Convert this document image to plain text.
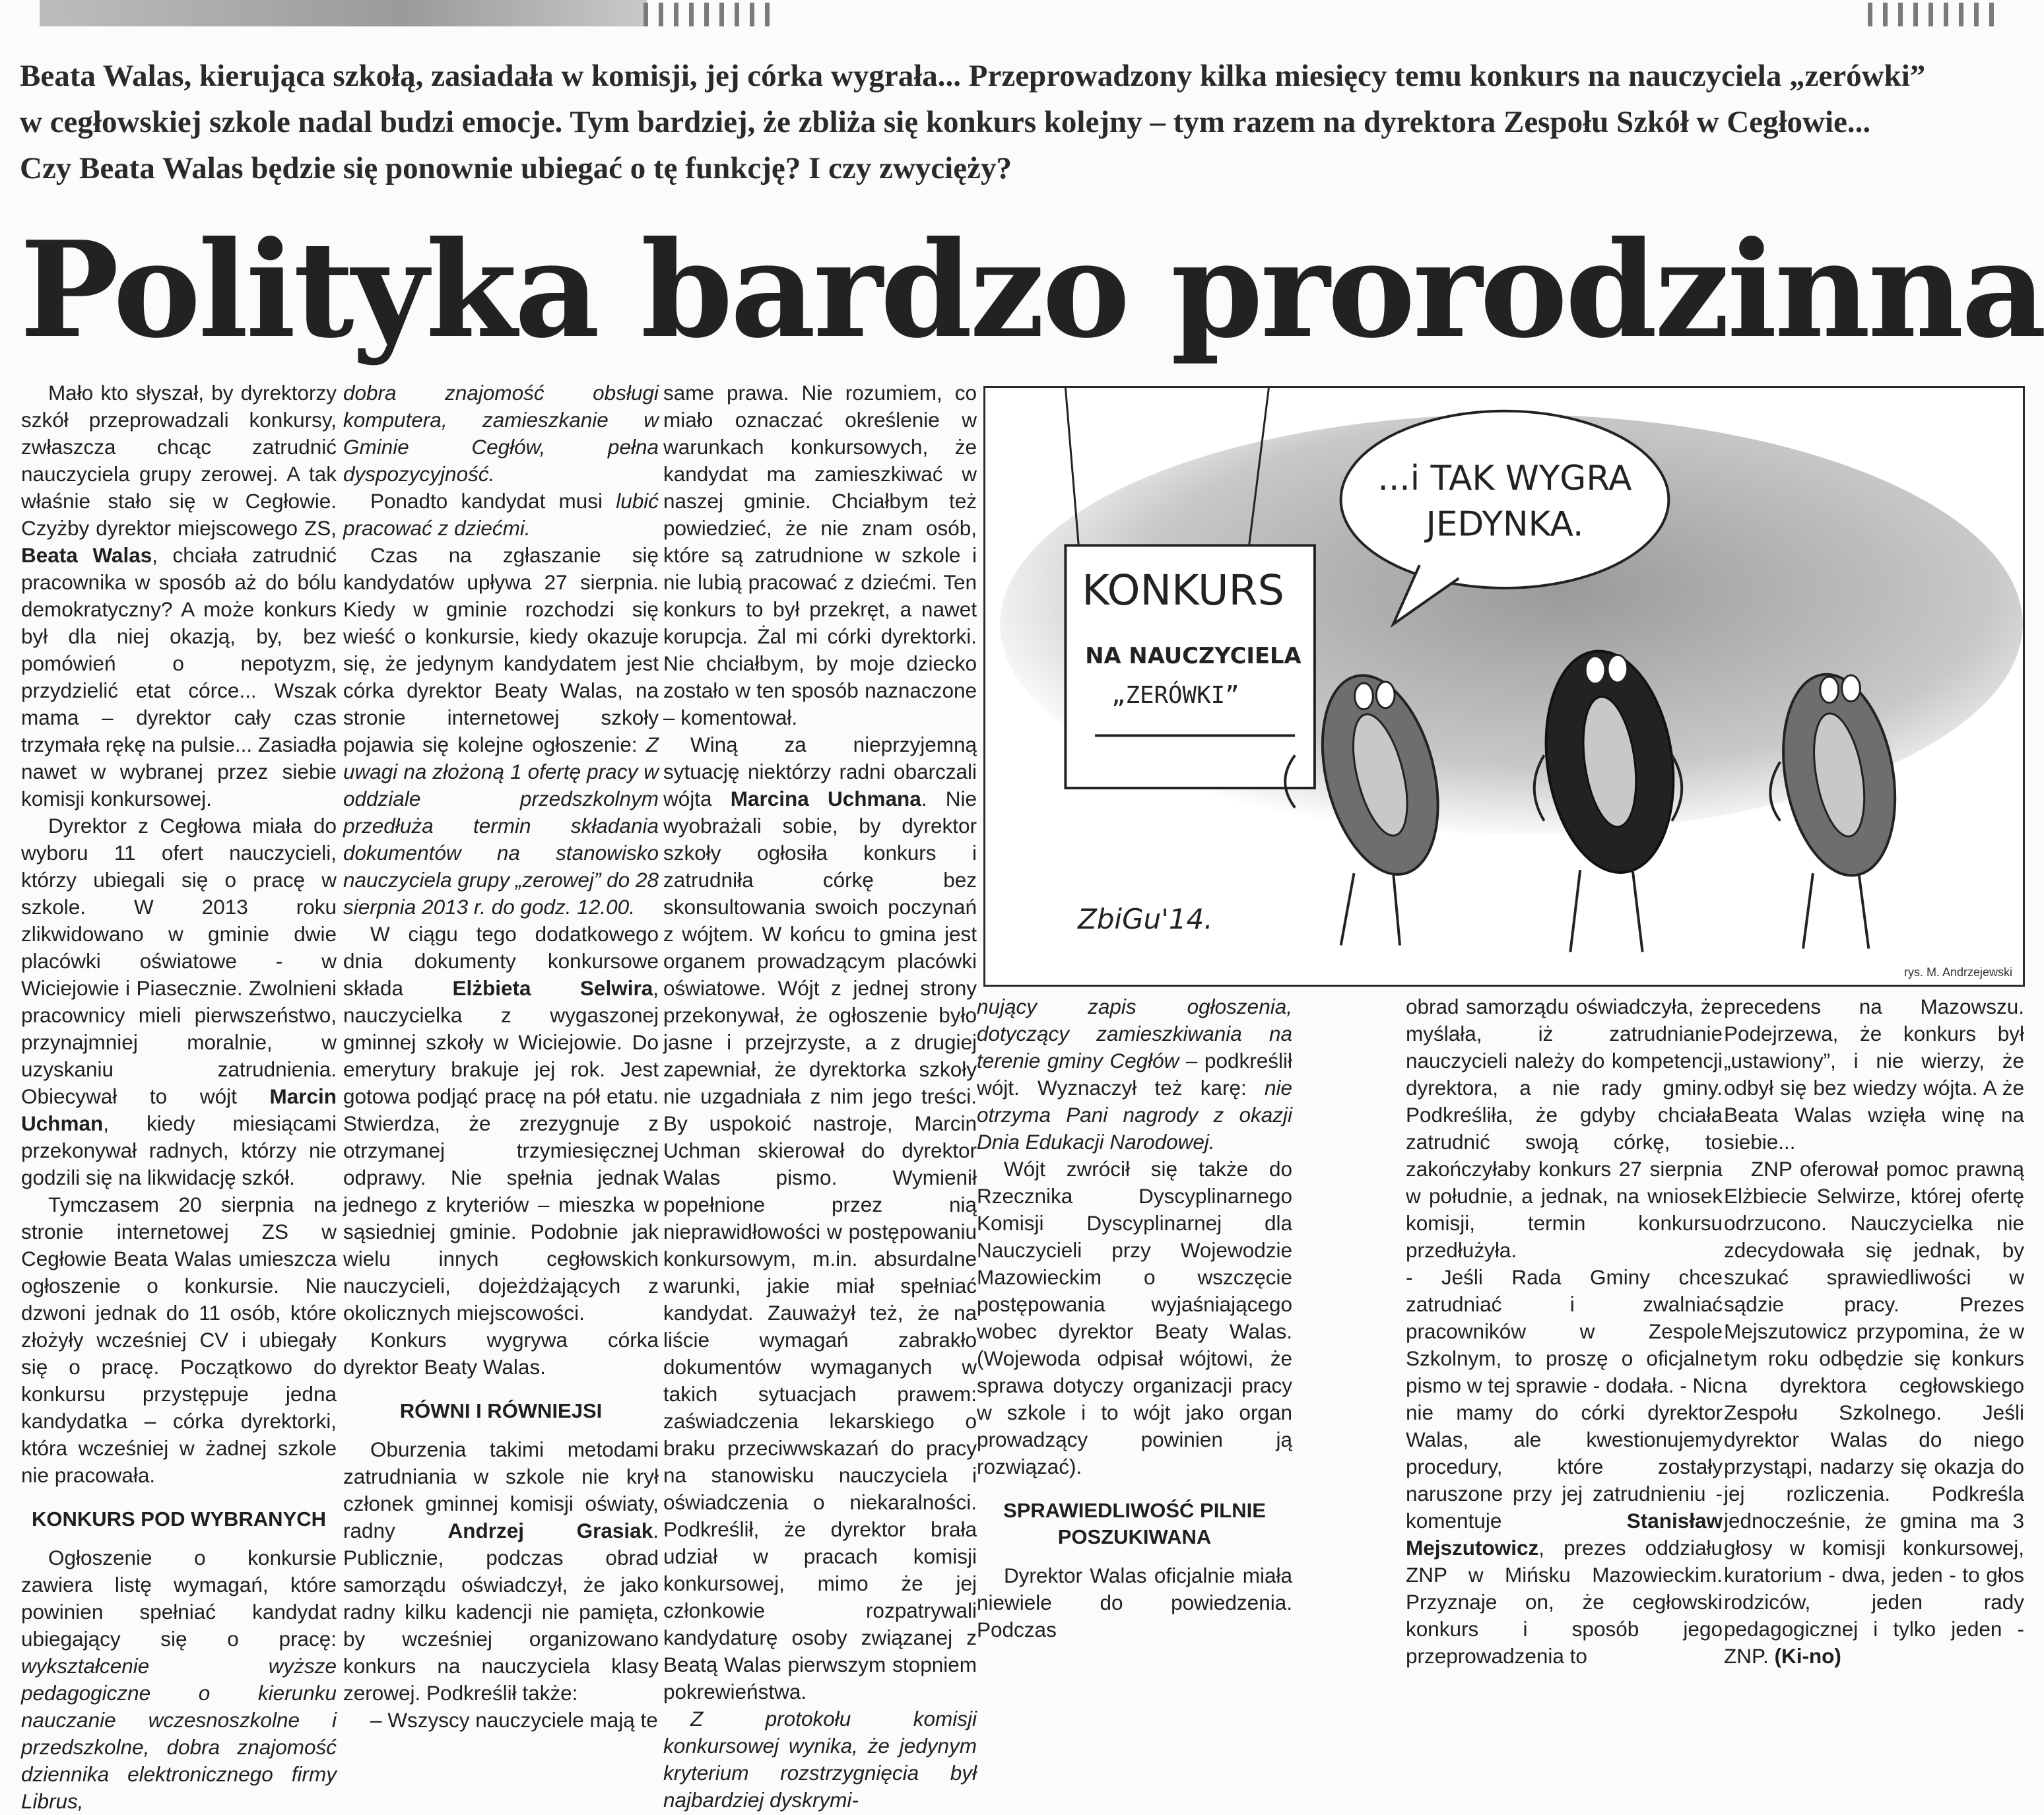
Beata Walas, kierująca szkołą, zasiadała w komisji, jej córka wygrała... Przeprowadzony kilka miesięcy temu konkurs na nauczyciela „zerówki”

w cegłowskiej szkole nadal budzi emocje. Tym bardziej, że zbliża się konkurs kolejny – tym razem na dyrektora Zespołu Szkół w Cegłowie...

Czy Beata Walas będzie się ponownie ubiegać o tę funkcję? I czy zwycięży?

Polityka bardzo prorodzinna

Mało kto słyszał, by dyrektorzy szkół przeprowadzali konkursy, zwłaszcza chcąc zatrudnić nauczyciela grupy zerowej. A tak właśnie stało się w Cegłowie. Czyżby dyrektor miejscowego ZS, Beata Walas, chciała zatrudnić pracownika w sposób aż do bólu demokratyczny? A może konkurs był dla niej okazją, by, bez pomówień o nepotyzm, przydzielić etat córce... Wszak mama – dyrektor cały czas trzymała rękę na pulsie... Zasiadła nawet w wybranej przez siebie komisji konkursowej.

Dyrektor z Cegłowa miała do wyboru 11 ofert nauczycieli, którzy ubiegali się o pracę w szkole. W 2013 roku zlikwidowano w gminie dwie placówki oświatowe - w Wiciejowie i Piasecznie. Zwolnieni pracownicy mieli pierwszeństwo, przynajmniej moralnie, w uzyskaniu zatrudnienia. Obiecywał to wójt Marcin Uchman, kiedy miesiącami przekonywał radnych, którzy nie godzili się na likwidację szkół.

Tymczasem 20 sierpnia na stronie internetowej ZS w Cegłowie Beata Walas umieszcza ogłoszenie o konkursie. Nie dzwoni jednak do 11 osób, które złożyły wcześniej CV i ubiegały się o pracę. Początkowo do konkursu przystępuje jedna kandydatka – córka dyrektorki, która wcześniej w żadnej szkole nie pracowała.

KONKURS POD WYBRANYCH

Ogłoszenie o konkursie zawiera listę wymagań, które powinien spełniać kandydat ubiegający się o pracę: wykształcenie wyższe pedagogiczne o kierunku nauczanie wczesnoszkolne i przedszkolne, dobra znajomość dziennika elektronicznego firmy Librus,

dobra znajomość obsługi komputera, zamieszkanie w Gminie Cegłów, pełna dyspozycyjność.

Ponadto kandydat musi lubić pracować z dziećmi.

Czas na zgłaszanie się kandydatów upływa 27 sierpnia. Kiedy w gminie rozchodzi się wieść o konkursie, kiedy okazuje się, że jedynym kandydatem jest córka dyrektor Beaty Walas, na stronie internetowej szkoły pojawia się kolejne ogłoszenie: Z uwagi na złożoną 1 ofertę pracy w oddziale przedszkolnym przedłuża termin składania dokumentów na stanowisko nauczyciela grupy „zerowej” do 28 sierpnia 2013 r. do godz. 12.00.

W ciągu tego dodatkowego dnia dokumenty konkursowe składa Elżbieta Selwira, nauczycielka z wygaszonej gminnej szkoły w Wiciejowie. Do emerytury brakuje jej rok. Jest gotowa podjąć pracę na pół etatu. Stwierdza, że zrezygnuje z otrzymanej trzymiesięcznej odprawy. Nie spełnia jednak jednego z kryteriów – mieszka w sąsiedniej gminie. Podobnie jak wielu innych cegłowskich nauczycieli, dojeżdżających z okolicznych miejscowości.

Konkurs wygrywa córka dyrektor Beaty Walas.

RÓWNI I RÓWNIEJSI

Oburzenia takimi metodami zatrudniania w szkole nie krył członek gminnej komisji oświaty, radny Andrzej Grasiak. Publicznie, podczas obrad samorządu oświadczył, że jako radny kilku kadencji nie pamięta, by wcześniej organizowano konkurs na nauczyciela klasy zerowej. Podkreślił także:

– Wszyscy nauczyciele mają te

same prawa. Nie rozumiem, co miało oznaczać określenie w warunkach konkursowych, że kandydat ma zamieszkiwać w naszej gminie. Chciałbym też powiedzieć, że nie znam osób, które są zatrudnione w szkole i nie lubią pracować z dziećmi. Ten konkurs to był przekręt, a nawet korupcja. Żal mi córki dyrektorki. Nie chciałbym, by moje dziecko zostało w ten sposób naznaczone – komentował.

Winą za nieprzyjemną sytuację niektórzy radni obarczali wójta Marcina Uchmana. Nie wyobrażali sobie, by dyrektor szkoły ogłosiła konkurs i zatrudniła córkę bez skonsultowania swoich poczynań z wójtem. W końcu to gmina jest organem prowadzącym placówki oświatowe. Wójt z jednej strony przekonywał, że ogłoszenie było jasne i przejrzyste, a z drugiej zapewniał, że dyrektorka szkoły nie uzgadniała z nim jego treści. By uspokoić nastroje, Marcin Uchman skierował do dyrektor Walas pismo. Wymienił popełnione przez nią nieprawidłowości w postępowaniu konkursowym, m.in. absurdalne warunki, jakie miał spełniać kandydat. Zauważył też, że na liście wymagań zabrakło dokumentów wymaganych w takich sytuacjach prawem: zaświadczenia lekarskiego o braku przeciwwskazań do pracy na stanowisku nauczyciela i oświadczenia o niekaralności. Podkreślił, że dyrektor brała udział w pracach komisji konkursowej, mimo że jej członkowie rozpatrywali kandydaturę osoby związanej z Beatą Walas pierwszym stopniem pokrewieństwa.

Z protokołu komisji konkursowej wynika, że jedynym kryterium rozstrzygnięcia był najbardziej dyskrymi-

KONKURS
NA NAUCZYCIELA
„ZERÓWKI”
...i TAK WYGRA JEDYNKA.
ZbiGu'14.
rys. M. Andrzejewski

nujący zapis ogłoszenia, dotyczący zamieszkiwania na terenie gminy Cegłów – podkreślił wójt. Wyznaczył też karę: nie otrzyma Pani nagrody z okazji Dnia Edukacji Narodowej.

Wójt zwrócił się także do Rzecznika Dyscyplinarnego Komisji Dyscyplinarnej dla Nauczycieli przy Wojewodzie Mazowieckim o wszczęcie postępowania wyjaśniającego wobec dyrektor Beaty Walas. (Wojewoda odpisał wójtowi, że sprawa dotyczy organizacji pracy w szkole i to wójt jako organ prowadzący powinien ją rozwiązać).

SPRAWIEDLIWOŚĆ PILNIE POSZUKIWANA

Dyrektor Walas oficjalnie miała niewiele do powiedzenia. Podczas

obrad samorządu oświadczyła, że myślała, iż zatrudnianie nauczycieli należy do kompetencji dyrektora, a nie rady gminy. Podkreśliła, że gdyby chciała zatrudnić swoją córkę, to zakończyłaby konkurs 27 sierpnia w południe, a jednak, na wniosek komisji, termin konkursu przedłużyła.

- Jeśli Rada Gminy chce zatrudniać i zwalniać pracowników w Zespole Szkolnym, to proszę o oficjalne pismo w tej sprawie - dodała. - Nic nie mamy do córki dyrektor Walas, ale kwestionujemy procedury, które zostały naruszone przy jej zatrudnieniu - komentuje Stanisław Mejszutowicz, prezes oddziału ZNP w Mińsku Mazowieckim. Przyznaje on, że cegłowski konkurs i sposób jego przeprowadzenia to

precedens na Mazowszu. Podejrzewa, że konkurs był „ustawiony”, i nie wierzy, że odbył się bez wiedzy wójta. A że Beata Walas wzięła winę na siebie...

ZNP oferował pomoc prawną Elżbiecie Selwirze, której ofertę odrzucono. Nauczycielka nie zdecydowała się jednak, by szukać sprawiedliwości w sądzie pracy. Prezes Mejszutowicz przypomina, że w tym roku odbędzie się konkurs na dyrektora cegłowskiego Zespołu Szkolnego. Jeśli dyrektor Walas do niego przystąpi, nadarzy się okazja do jej rozliczenia. Podkreśla jednocześnie, że gmina ma 3 głosy w komisji konkursowej, kuratorium - dwa, jeden - to głos rodziców, jeden rady pedagogicznej i tylko jeden - ZNP. (Ki-no)
